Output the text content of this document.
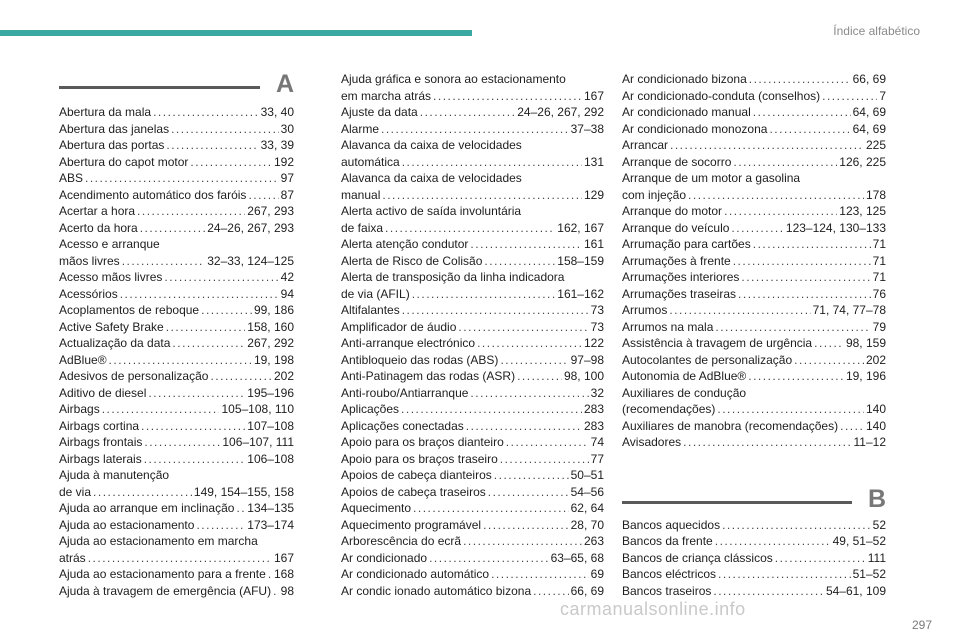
Índice alfabético
A
Abertura da mala .....	33, 40
Abertura das janelas .....	30
Abertura das portas .....	33, 39
Abertura do capot motor .....	192
ABS .....	97
Acendimento automático dos faróis .....	87
Acertar a hora .....	267, 293
Acerto da hora .....	24–26, 267, 293
Acesso e arranque
mãos livres .....	32–33, 124–125
Acesso mãos livres .....	42
Acessórios .....	94
Acoplamentos de reboque .....	99, 186
Active Safety Brake .....	158, 160
Actualização da data .....	267, 292
AdBlue® .....	19, 198
Adesivos de personalização .....	202
Aditivo de diesel .....	195–196
Airbags .....	105–108, 110
Airbags cortina .....	107–108
Airbags frontais .....	106–107, 111
Airbags laterais .....	106–108
Ajuda à manutenção
de via .....	149, 154–155, 158
Ajuda ao arranque em inclinação ..... 134–135
Ajuda ao estacionamento .....	173–174
Ajuda ao estacionamento em marcha
atrás .....	167
Ajuda ao estacionamento para a frente ..... 168
Ajuda à travagem de emergência (AFU) ..... 98
Ajuda gráfica e sonora ao estacionamento
em marcha atrás .....	167
Ajuste da data .....	24–26, 267, 292
Alarme .....	37–38
Alavanca da caixa de velocidades
automática .....	131
Alavanca da caixa de velocidades
manual .....	129
Alerta activo de saída involuntária
de faixa .....	162, 167
Alerta atenção condutor .....	161
Alerta de Risco de Colisão .....	158–159
Alerta de transposição da linha indicadora
de via (AFIL) .....	161–162
Altifalantes .....	73
Amplificador de áudio .....	73
Anti-arranque electrónico .....	122
Antibloqueio das rodas (ABS) .....	97–98
Anti-Patinagem das rodas (ASR) .....	98, 100
Anti-roubo/Antiarranque .....	32
Aplicações .....	283
Aplicações conectadas .....	283
Apoio para os braços dianteiro .....	74
Apoio para os braços traseiro .....	77
Apoios de cabeça dianteiros .....	50–51
Apoios de cabeça traseiros .....	54–56
Aquecimento .....	62, 64
Aquecimento programável .....	28, 70
Arborescência do ecrã .....	263
Ar condicionado .....	63–65, 68
Ar condicionado automático .....	69
Ar condic ionado automático bizona .....	66, 69
Ar condicionado bizona .....	66, 69
Ar condicionado-conduta (conselhos) .....	7
Ar condicionado manual .....	64, 69
Ar condicionado monozona .....	64, 69
Arrancar .....	225
Arranque de socorro .....	126, 225
Arranque de um motor a gasolina
com injeção .....	178
Arranque do motor .....	123, 125
Arranque do veículo .....	123–124, 130–133
Arrumação para cartões .....	71
Arrumações à frente .....	71
Arrumações interiores .....	71
Arrumações traseiras .....	76
Arrumos .....	71, 74, 77–78
Arrumos na mala .....	79
Assistência à travagem de urgência .....	98, 159
Autocolantes de personalização .....	202
Autonomia de AdBlue® .....	19, 196
Auxiliares de condução
(recomendações) .....	140
Auxiliares de manobra (recomendações) ..... 140
Avisadores .....	11–12
B
Bancos aquecidos .....	52
Bancos da frente .....	49, 51–52
Bancos de criança clássicos .....	111
Bancos eléctricos .....	51–52
Bancos traseiros .....	54–61, 109
carmanualsonline.info
297
